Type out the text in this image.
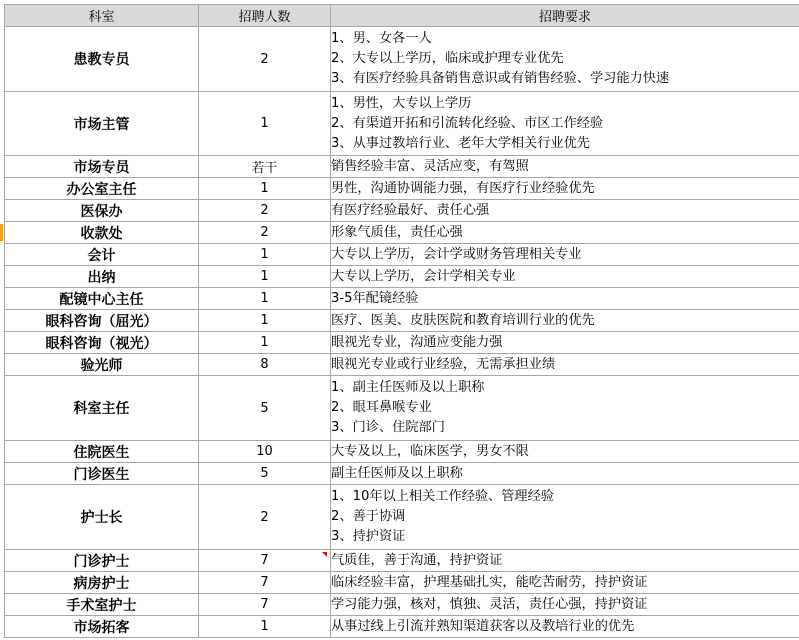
科室	招聘人数	招聘要求
患教专员	2	1、男、女各一人
2、大专以上学历，临床或护理专业优先
3、有医疗经验具备销售意识或有销售经验、学习能力快速

市场主管	1	1、男性，大专以上学历
2、有渠道开拓和引流转化经验、市区工作经验
3、从事过教培行业、老年大学相关行业优先

市场专员	若干	销售经验丰富、灵活应变，有驾照

办公室主任	1	男性，沟通协调能力强，有医疗行业经验优先

医保办	2	有医疗经验最好、责任心强

收款处	2	形象气质佳，责任心强

会计	1	大专以上学历，会计学或财务管理相关专业

出纳	1	大专以上学历，会计学相关专业

配镜中心主任	1	3-5年配镜经验

眼科咨询（屈光）	1	医疗、医美、皮肤医院和教育培训行业的优先

眼科咨询（视光）	1	眼视光专业，沟通应变能力强

验光师	8	眼视光专业或行业经验，无需承担业绩

科室主任	5	1、副主任医师及以上职称
2、眼耳鼻喉专业
3、门诊、住院部门

住院医生	10	大专及以上，临床医学，男女不限

门诊医生	5	副主任医师及以上职称

护士长	2	1、10年以上相关工作经验、管理经验
2、善于协调
3、持护资证

门诊护士	7	气质佳，善于沟通，持护资证

病房护士	7	临床经验丰富，护理基础扎实，能吃苦耐劳，持护资证

手术室护士	7	学习能力强，核对，慎独、灵活，责任心强，持护资证

市场拓客	1	从事过线上引流并熟知渠道获客以及教培行业的优先
